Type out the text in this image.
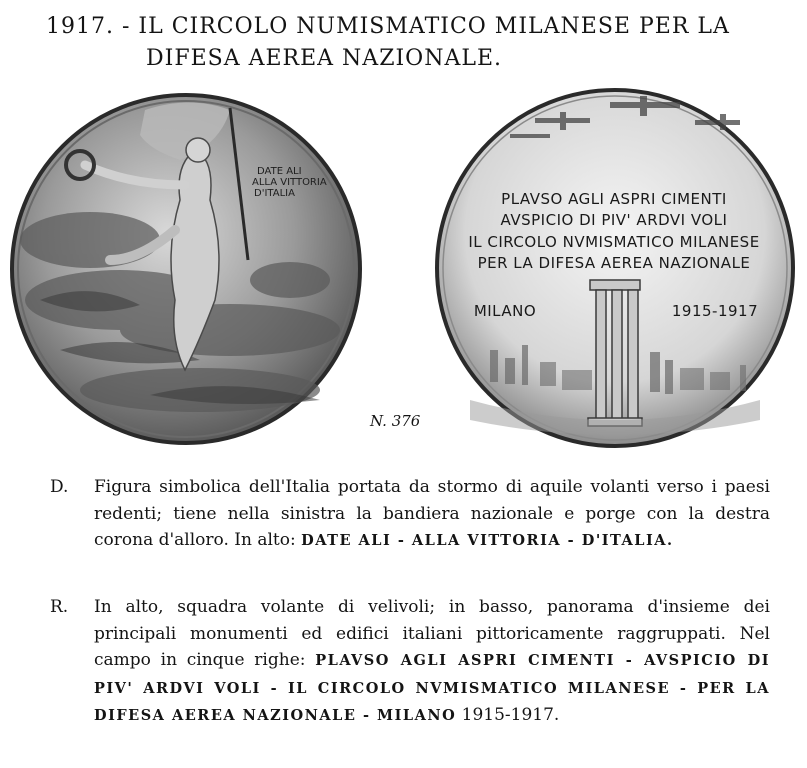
1917. - IL CIRCOLO NUMISMATICO MILANESE PER LA
DIFESA AEREA NAZIONALE.
DATE ALI
ALLA VITTORIA
D'ITALIA	PLAVSO AGLI ASPRI CIMENTI
AVSPICIO DI PIV' ARDVI VOLI
IL CIRCOLO NVMISMATICO MILANESE
PER LA DIFESA AEREA NAZIONALE
MILANO	1915-1917
N. 376
D. Figura simbolica dell'Italia portata da stormo di aquile volanti verso i paesi redenti; tiene nella sinistra la bandiera nazionale e porge con la destra corona d'alloro. In alto: DATE ALI - ALLA VITTORIA - D'ITALIA.
R. In alto, squadra volante di velivoli; in basso, panorama d'insieme dei principali monumenti ed edifici italiani pittoricamente raggruppati. Nel campo in cinque righe: PLAVSO AGLI ASPRI CIMENTI - AVSPICIO DI PIV' ARDVI VOLI - IL CIRCOLO NVMISMATICO MILANESE - PER LA DIFESA AEREA NAZIONALE - MILANO 1915-1917.
